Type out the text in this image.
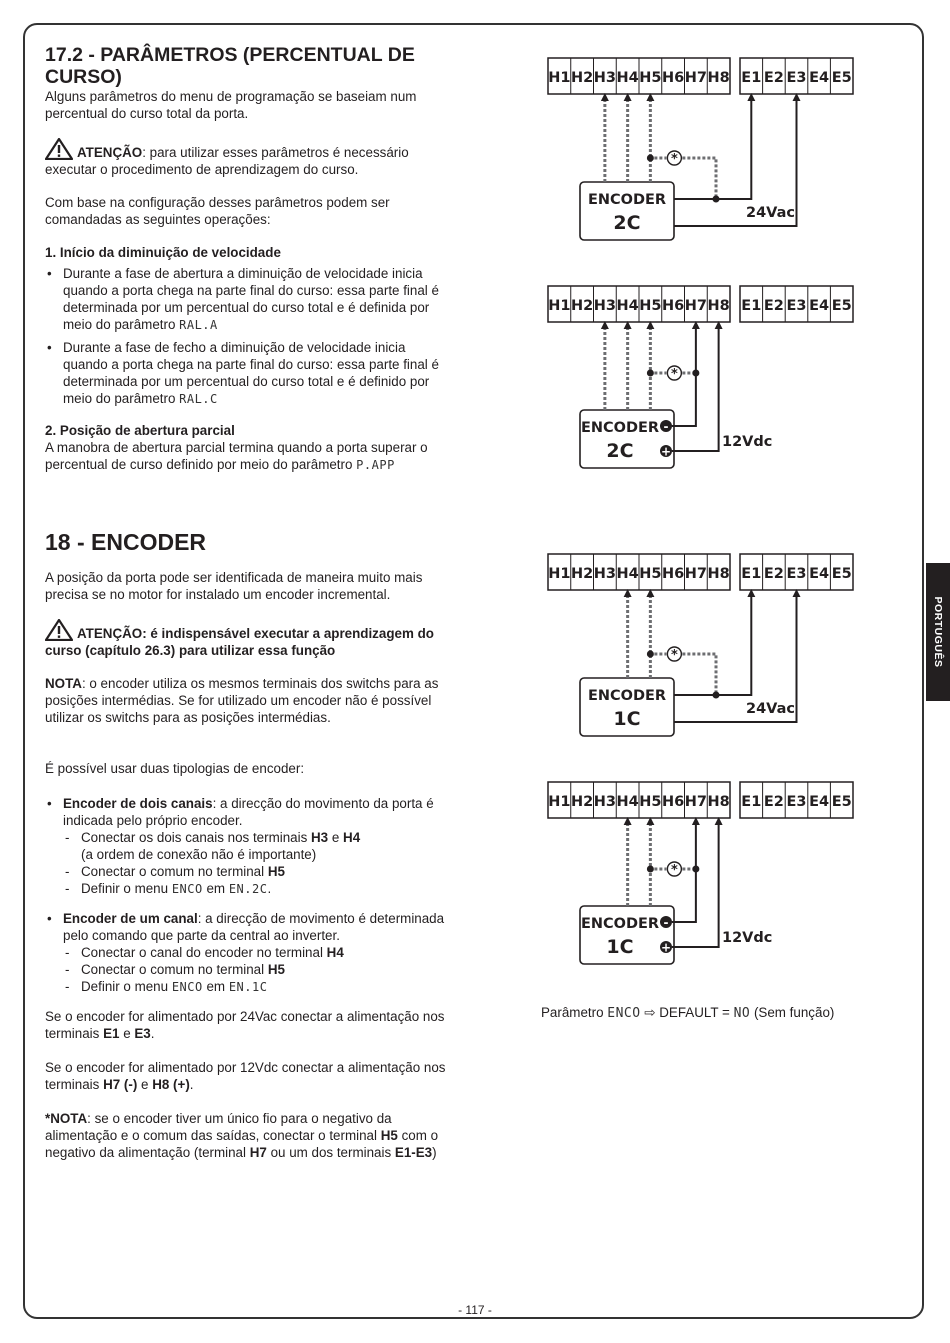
17.2 - PARÂMETROS (PERCENTUAL DE CURSO)

Alguns parâmetros do menu de programação se baseiam num percentual do curso total da porta.

ATENÇÃO: para utilizar esses parâmetros é necessário executar o procedimento de aprendizagem do curso.

Com base na configuração desses parâmetros podem ser comandadas as seguintes operações:

1. Início da diminuição de velocidade

• Durante a fase de abertura a diminuição de velocidade inicia quando a porta chega na parte final do curso: essa parte final é determinada por um percentual do curso total e é definida por meio do parâmetro RAL.A
• Durante a fase de fecho a diminuição de velocidade inicia quando a porta chega na parte final do curso: essa parte final é determinada por um percentual do curso total e é definido por meio do parâmetro RAL.C

2. Posição de abertura parcial

A manobra de abertura parcial termina quando a porta superar o percentual de curso definido por meio do parâmetro P.APP

18 - ENCODER

A posição da porta pode ser identificada de maneira muito mais precisa se no motor for instalado um encoder incremental.

ATENÇÃO: é indispensável executar a aprendizagem do curso (capítulo 26.3) para utilizar essa função

NOTA: o encoder utiliza os mesmos terminais dos switchs para as posições intermédias. Se for utilizado um encoder não é possível utilizar os switchs para as posições intermédias.

É possível usar duas tipologias de encoder:

• Encoder de dois canais: a direcção do movimento da porta é indicada pelo próprio encoder.
- Conectar os dois canais nos terminais H3 e H4
(a ordem de conexão não é importante)
- Conectar o comum no terminal H5
- Definir o menu ENCO em EN.2C.
• Encoder de um canal: a direcção de movimento é determinada pelo comando que parte da central ao inverter.
- Conectar o canal do encoder no terminal H4
- Conectar o comum no terminal H5
- Definir o menu ENCO em EN.1C

Se o encoder for alimentado por 24Vac conectar a alimentação nos terminais E1 e E3.

Se o encoder for alimentado por 12Vdc conectar a alimentação nos terminais H7 (-) e H8 (+).

*NOTA: se o encoder tiver um único fio para o negativo da alimentação e o comum das saídas, conectar o terminal H5 com o negativo da alimentação (terminal H7 ou um dos terminais E1-E3)

H1 H2 H3 H4 H5 H6 H7 H8 E1 E2 E3 E4 E5
ENCODER
2C
*
24Vac
H1 H2 H3 H4 H5 H6 H7 H8 E1 E2 E3 E4 E5
ENCODER
2C
-
+
*
12Vdc
H1 H2 H3 H4 H5 H6 H7 H8 E1 E2 E3 E4 E5
ENCODER
1C
*
24Vac
H1 H2 H3 H4 H5 H6 H7 H8 E1 E2 E3 E4 E5
ENCODER
1C
-
+
*
12Vdc
Parâmetro ENCO ⇨ DEFAULT = NO (Sem função)
PORTUGUÊS
- 117 -
